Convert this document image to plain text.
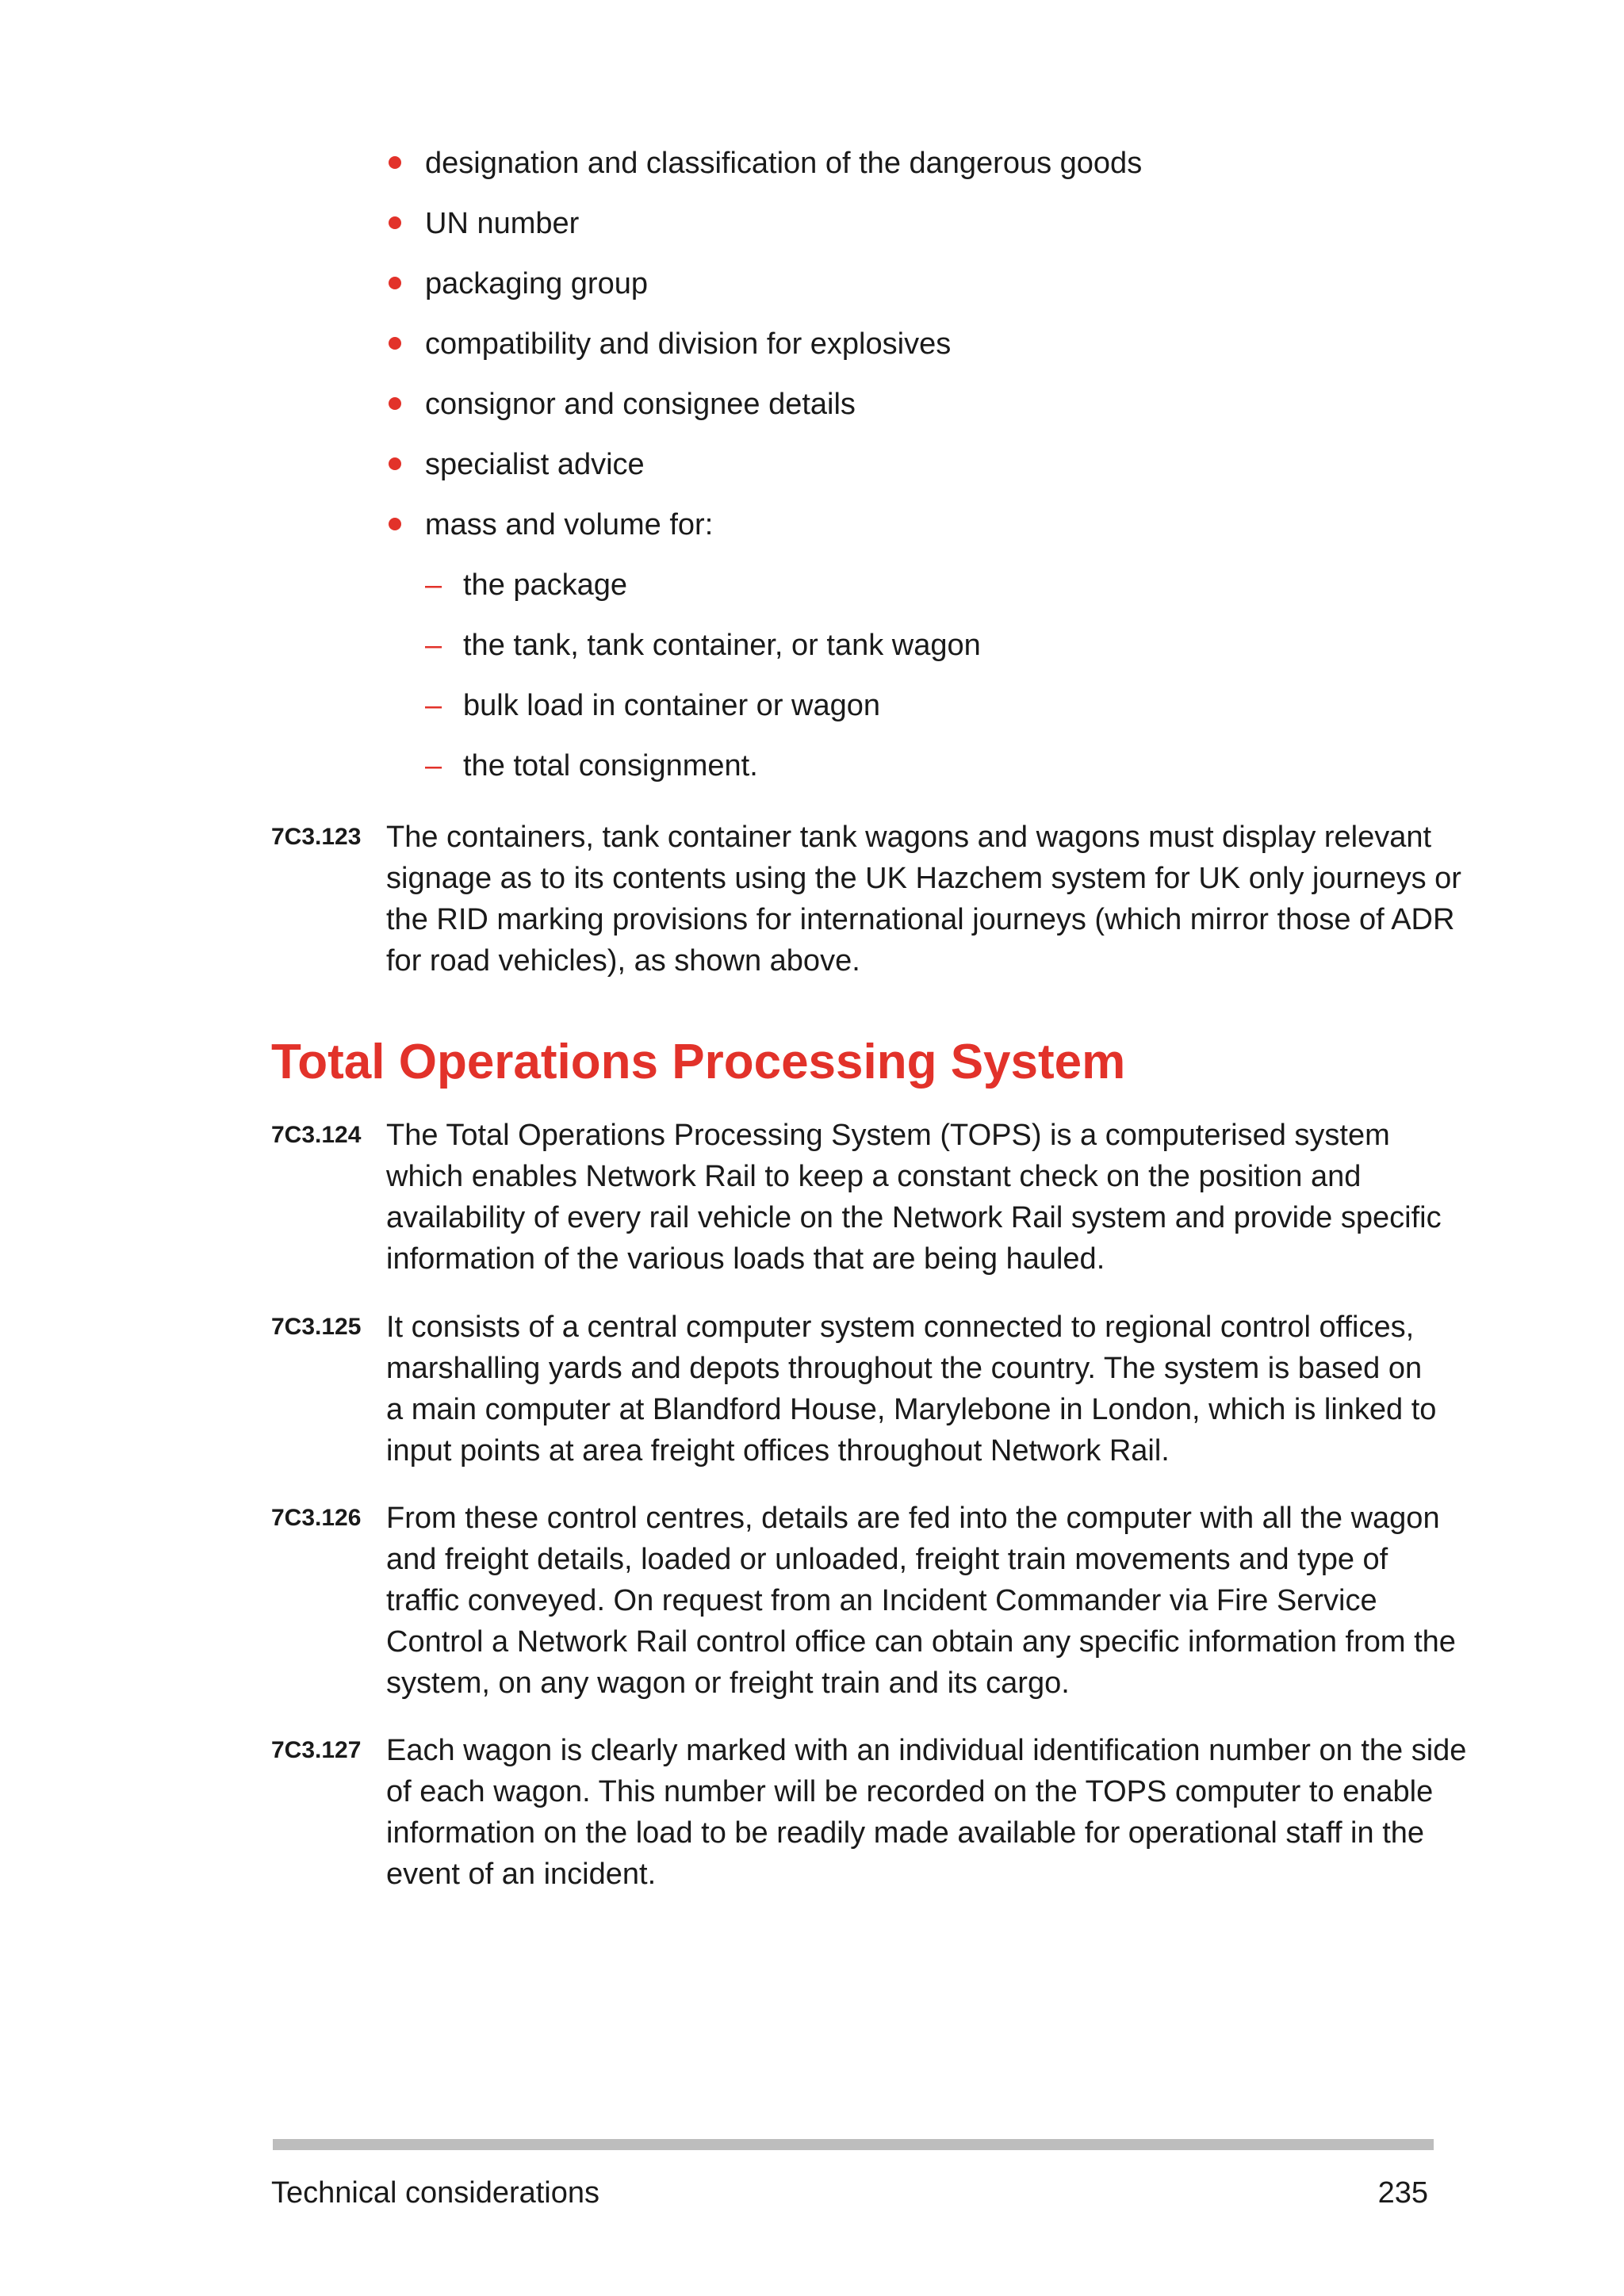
designation and classification of the dangerous goods
UN number
packaging group
compatibility and division for explosives
consignor and consignee details
specialist advice
mass and volume for:
– the package
– the tank, tank container, or tank wagon
– bulk load in container or wagon
– the total consignment.
7C3.123 The containers, tank container tank wagons and wagons must display relevant
signage as to its contents using the UK Hazchem system for UK only journeys or
the RID marking provisions for international journeys (which mirror those of ADR
for road vehicles), as shown above.

Total Operations Processing System
7C3.124 The Total Operations Processing System (TOPS) is a computerised system
which enables Network Rail to keep a constant check on the position and
availability of every rail vehicle on the Network Rail system and provide specific
information of the various loads that are being hauled.

7C3.125 It consists of a central computer system connected to regional control offices,
marshalling yards and depots throughout the country. The system is based on
a main computer at Blandford House, Marylebone in London, which is linked to
input points at area freight offices throughout Network Rail.

7C3.126 From these control centres, details are fed into the computer with all the wagon
and freight details, loaded or unloaded, freight train movements and type of
traffic conveyed. On request from an Incident Commander via Fire Service
Control a Network Rail control office can obtain any specific information from the
system, on any wagon or freight train and its cargo.

7C3.127 Each wagon is clearly marked with an individual identification number on the side
of each wagon. This number will be recorded on the TOPS computer to enable
information on the load to be readily made available for operational staff in the
event of an incident.

Technical considerations	235
